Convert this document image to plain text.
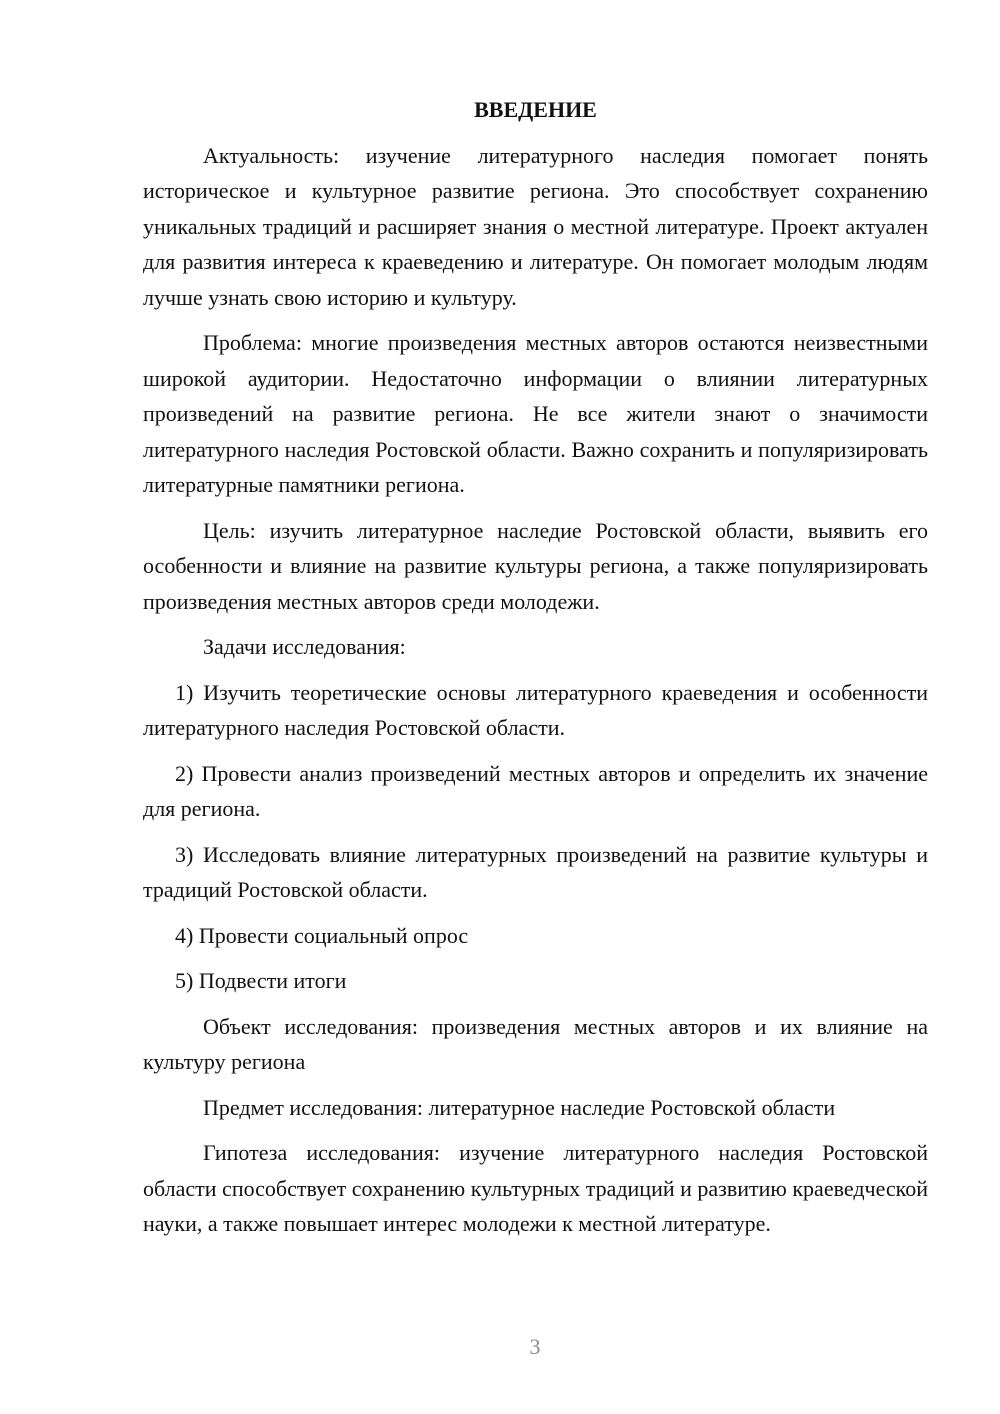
ВВЕДЕНИЕ

Актуальность: изучение литературного наследия помогает понять историческое и культурное развитие региона. Это способствует сохранению уникальных традиций и расширяет знания о местной литературе. Проект актуален для развития интереса к краеведению и литературе. Он помогает молодым людям лучше узнать свою историю и культуру.

Проблема: многие произведения местных авторов остаются неизвестными широкой аудитории. Недостаточно информации о влиянии литературных произведений на развитие региона. Не все жители знают о значимости литературного наследия Ростовской области. Важно сохранить и популяризировать литературные памятники региона.

Цель: изучить литературное наследие Ростовской области, выявить его особенности и влияние на развитие культуры региона, а также популяризировать произведения местных авторов среди молодежи.

Задачи исследования:

1) Изучить теоретические основы литературного краеведения и особенности литературного наследия Ростовской области.

2) Провести анализ произведений местных авторов и определить их значение для региона.

3) Исследовать влияние литературных произведений на развитие культуры и традиций Ростовской области.

4) Провести социальный опрос

5) Подвести итоги

Объект исследования: произведения местных авторов и их влияние на культуру региона

Предмет исследования: литературное наследие Ростовской области

Гипотеза исследования: изучение литературного наследия Ростовской области способствует сохранению культурных традиций и развитию краеведческой науки, а также повышает интерес молодежи к местной литературе.

3
